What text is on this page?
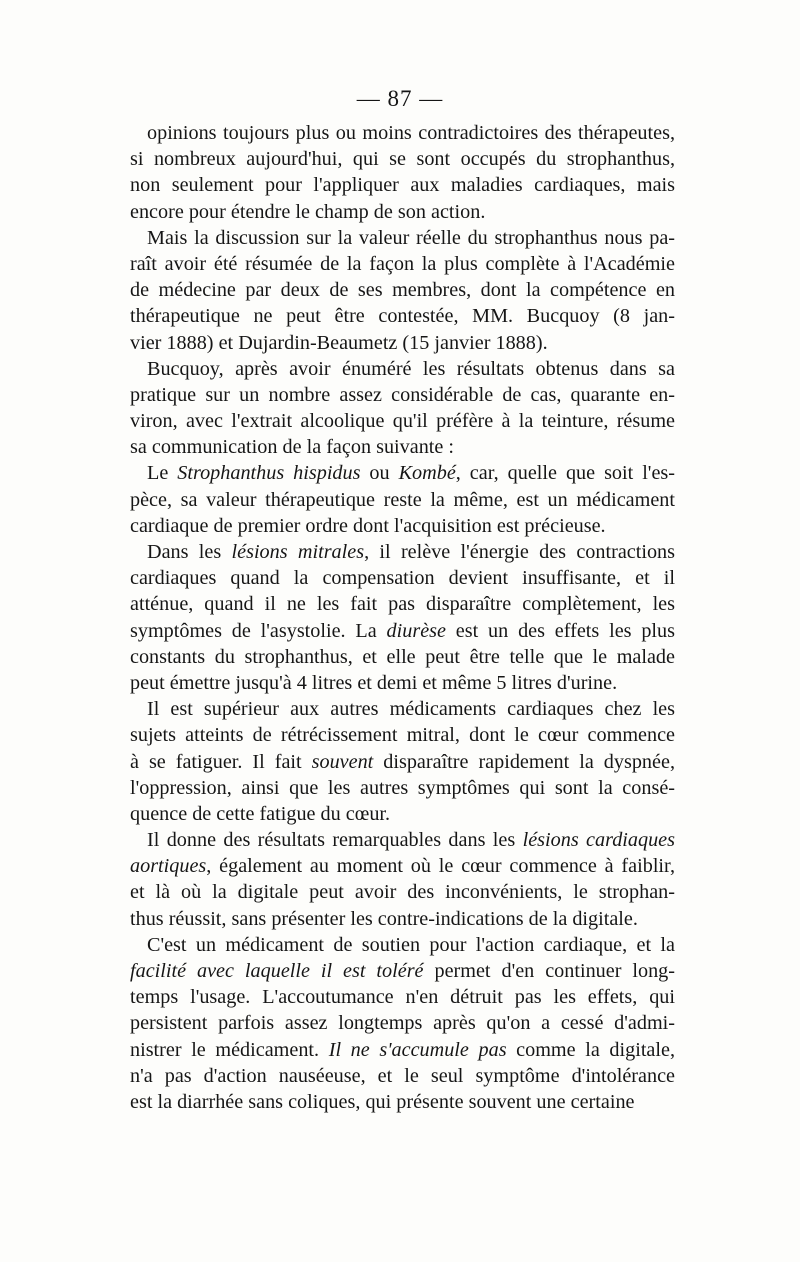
— 87 —
opinions toujours plus ou moins contradictoires des thérapeutes,
si nombreux aujourd'hui, qui se sont occupés du strophanthus,
non seulement pour l'appliquer aux maladies cardiaques, mais
encore pour étendre le champ de son action.
Mais la discussion sur la valeur réelle du strophanthus nous pa-
raît avoir été résumée de la façon la plus complète à l'Académie
de médecine par deux de ses membres, dont la compétence en
thérapeutique ne peut être contestée, MM. Bucquoy (8 jan-
vier 1888) et Dujardin-Beaumetz (15 janvier 1888).
Bucquoy, après avoir énuméré les résultats obtenus dans sa
pratique sur un nombre assez considérable de cas, quarante en-
viron, avec l'extrait alcoolique qu'il préfère à la teinture, résume
sa communication de la façon suivante :
Le Strophanthus hispidus ou Kombé, car, quelle que soit l'es-
pèce, sa valeur thérapeutique reste la même, est un médicament
cardiaque de premier ordre dont l'acquisition est précieuse.
Dans les lésions mitrales, il relève l'énergie des contractions
cardiaques quand la compensation devient insuffisante, et il
atténue, quand il ne les fait pas disparaître complètement, les
symptômes de l'asystolie. La diurèse est un des effets les plus
constants du strophanthus, et elle peut être telle que le malade
peut émettre jusqu'à 4 litres et demi et même 5 litres d'urine.
Il est supérieur aux autres médicaments cardiaques chez les
sujets atteints de rétrécissement mitral, dont le cœur commence
à se fatiguer. Il fait souvent disparaître rapidement la dyspnée,
l'oppression, ainsi que les autres symptômes qui sont la consé-
quence de cette fatigue du cœur.
Il donne des résultats remarquables dans les lésions cardiaques
aortiques, également au moment où le cœur commence à faiblir,
et là où la digitale peut avoir des inconvénients, le strophan-
thus réussit, sans présenter les contre-indications de la digitale.
C'est un médicament de soutien pour l'action cardiaque, et la
facilité avec laquelle il est toléré permet d'en continuer long-
temps l'usage. L'accoutumance n'en détruit pas les effets, qui
persistent parfois assez longtemps après qu'on a cessé d'admi-
nistrer le médicament. Il ne s'accumule pas comme la digitale,
n'a pas d'action nauséeuse, et le seul symptôme d'intolérance
est la diarrhée sans coliques, qui présente souvent une certaine
